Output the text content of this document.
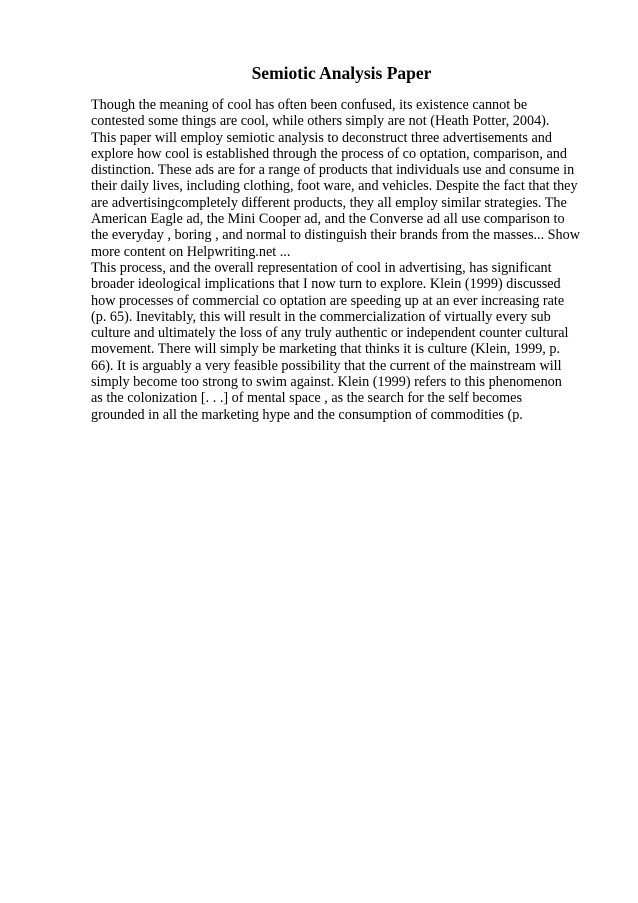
Semiotic Analysis Paper
Though the meaning of cool has often been confused, its existence cannot be
contested some things are cool, while others simply are not (Heath Potter, 2004).
This paper will employ semiotic analysis to deconstruct three advertisements and
explore how cool is established through the process of co optation, comparison, and
distinction. These ads are for a range of products that individuals use and consume in
their daily lives, including clothing, foot ware, and vehicles. Despite the fact that they
are advertisingcompletely different products, they all employ similar strategies. The
American Eagle ad, the Mini Cooper ad, and the Converse ad all use comparison to
the everyday , boring , and normal to distinguish their brands from the masses... Show
more content on Helpwriting.net ...
This process, and the overall representation of cool in advertising, has significant
broader ideological implications that I now turn to explore. Klein (1999) discussed
how processes of commercial co optation are speeding up at an ever increasing rate
(p. 65). Inevitably, this will result in the commercialization of virtually every sub
culture and ultimately the loss of any truly authentic or independent counter cultural
movement. There will simply be marketing that thinks it is culture (Klein, 1999, p.
66). It is arguably a very feasible possibility that the current of the mainstream will
simply become too strong to swim against. Klein (1999) refers to this phenomenon
as the colonization [. . .] of mental space , as the search for the self becomes
grounded in all the marketing hype and the consumption of commodities (p.
